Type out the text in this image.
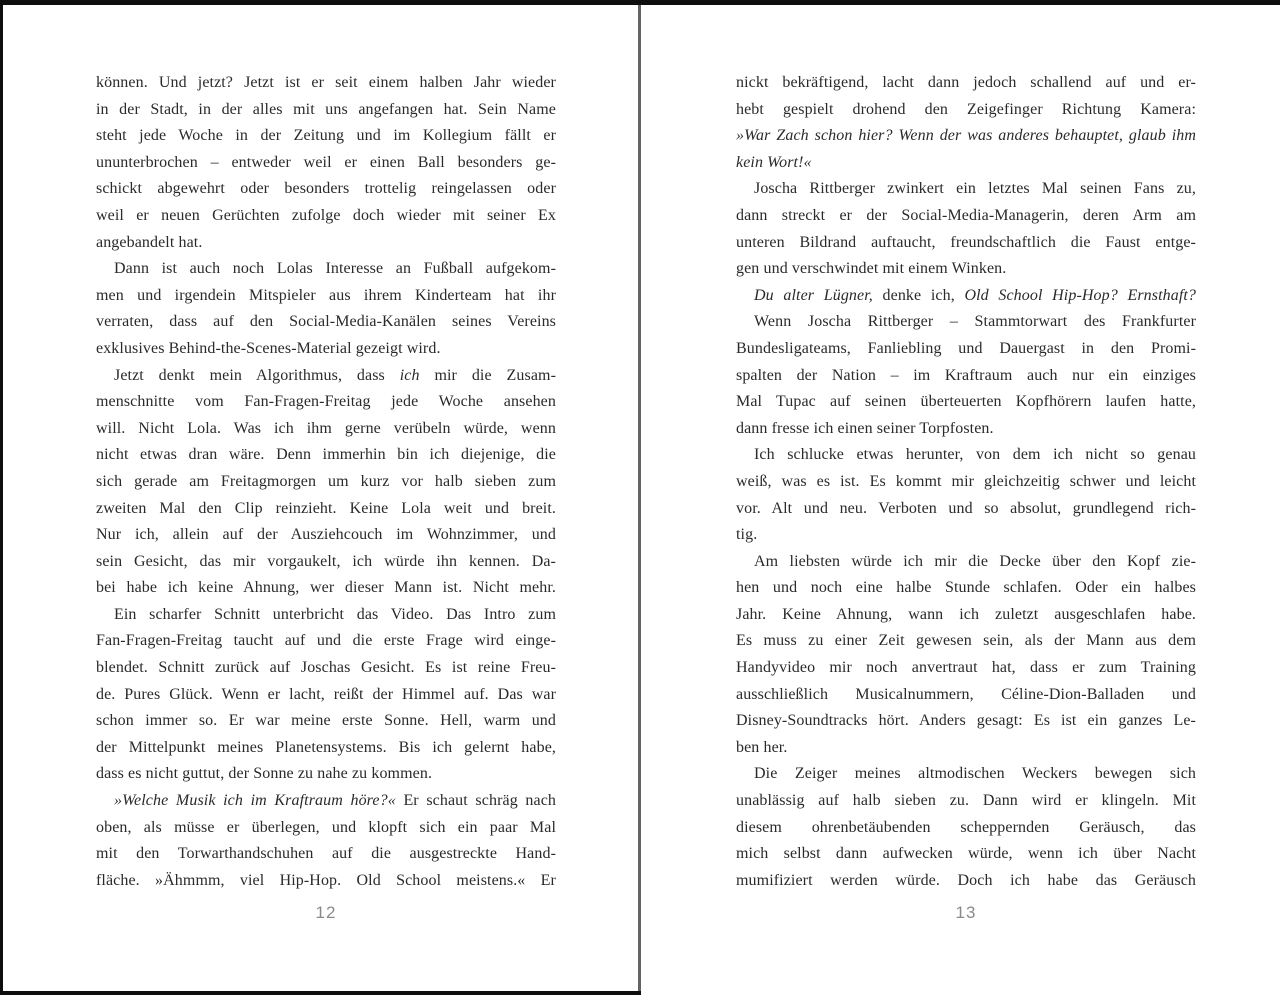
können. Und jetzt? Jetzt ist er seit einem halben Jahr wieder
in der Stadt, in der alles mit uns angefangen hat. Sein Name
steht jede Woche in der Zeitung und im Kollegium fällt er
ununterbrochen – entweder weil er einen Ball besonders ge-
schickt abgewehrt oder besonders trottelig reingelassen oder
weil er neuen Gerüchten zufolge doch wieder mit seiner Ex
angebandelt hat.
Dann ist auch noch Lolas Interesse an Fußball aufgekom-
men und irgendein Mitspieler aus ihrem Kinderteam hat ihr
verraten, dass auf den Social-Media-Kanälen seines Vereins
exklusives Behind-the-Scenes-Material gezeigt wird.
Jetzt denkt mein Algorithmus, dass ich mir die Zusam-
menschnitte vom Fan-Fragen-Freitag jede Woche ansehen
will. Nicht Lola. Was ich ihm gerne verübeln würde, wenn
nicht etwas dran wäre. Denn immerhin bin ich diejenige, die
sich gerade am Freitagmorgen um kurz vor halb sieben zum
zweiten Mal den Clip reinzieht. Keine Lola weit und breit.
Nur ich, allein auf der Ausziehcouch im Wohnzimmer, und
sein Gesicht, das mir vorgaukelt, ich würde ihn kennen. Da-
bei habe ich keine Ahnung, wer dieser Mann ist. Nicht mehr.
Ein scharfer Schnitt unterbricht das Video. Das Intro zum
Fan-Fragen-Freitag taucht auf und die erste Frage wird einge-
blendet. Schnitt zurück auf Joschas Gesicht. Es ist reine Freu-
de. Pures Glück. Wenn er lacht, reißt der Himmel auf. Das war
schon immer so. Er war meine erste Sonne. Hell, warm und
der Mittelpunkt meines Planetensystems. Bis ich gelernt habe,
dass es nicht guttut, der Sonne zu nahe zu kommen.
»Welche Musik ich im Kraftraum höre?« Er schaut schräg nach
oben, als müsse er überlegen, und klopft sich ein paar Mal
mit den Torwarthandschuhen auf die ausgestreckte Hand-
fläche. »Ähmmm, viel Hip-Hop. Old School meistens.« Er
12
nickt bekräftigend, lacht dann jedoch schallend auf und er-
hebt gespielt drohend den Zeigefinger Richtung Kamera:
»War Zach schon hier? Wenn der was anderes behauptet, glaub ihm
kein Wort!«
Joscha Rittberger zwinkert ein letztes Mal seinen Fans zu,
dann streckt er der Social-Media-Managerin, deren Arm am
unteren Bildrand auftaucht, freundschaftlich die Faust entge-
gen und verschwindet mit einem Winken.
Du alter Lügner, denke ich, Old School Hip-Hop? Ernsthaft?
Wenn Joscha Rittberger – Stammtorwart des Frankfurter
Bundesligateams, Fanliebling und Dauergast in den Promi-
spalten der Nation – im Kraftraum auch nur ein einziges
Mal Tupac auf seinen überteuerten Kopfhörern laufen hatte,
dann fresse ich einen seiner Torpfosten.
Ich schlucke etwas herunter, von dem ich nicht so genau
weiß, was es ist. Es kommt mir gleichzeitig schwer und leicht
vor. Alt und neu. Verboten und so absolut, grundlegend rich-
tig.
Am liebsten würde ich mir die Decke über den Kopf zie-
hen und noch eine halbe Stunde schlafen. Oder ein halbes
Jahr. Keine Ahnung, wann ich zuletzt ausgeschlafen habe.
Es muss zu einer Zeit gewesen sein, als der Mann aus dem
Handyvideo mir noch anvertraut hat, dass er zum Training
ausschließlich Musicalnummern, Céline-Dion-Balladen und
Disney-Soundtracks hört. Anders gesagt: Es ist ein ganzes Le-
ben her.
Die Zeiger meines altmodischen Weckers bewegen sich
unablässig auf halb sieben zu. Dann wird er klingeln. Mit
diesem ohrenbetäubenden scheppernden Geräusch, das
mich selbst dann aufwecken würde, wenn ich über Nacht
mumifiziert werden würde. Doch ich habe das Geräusch
13
